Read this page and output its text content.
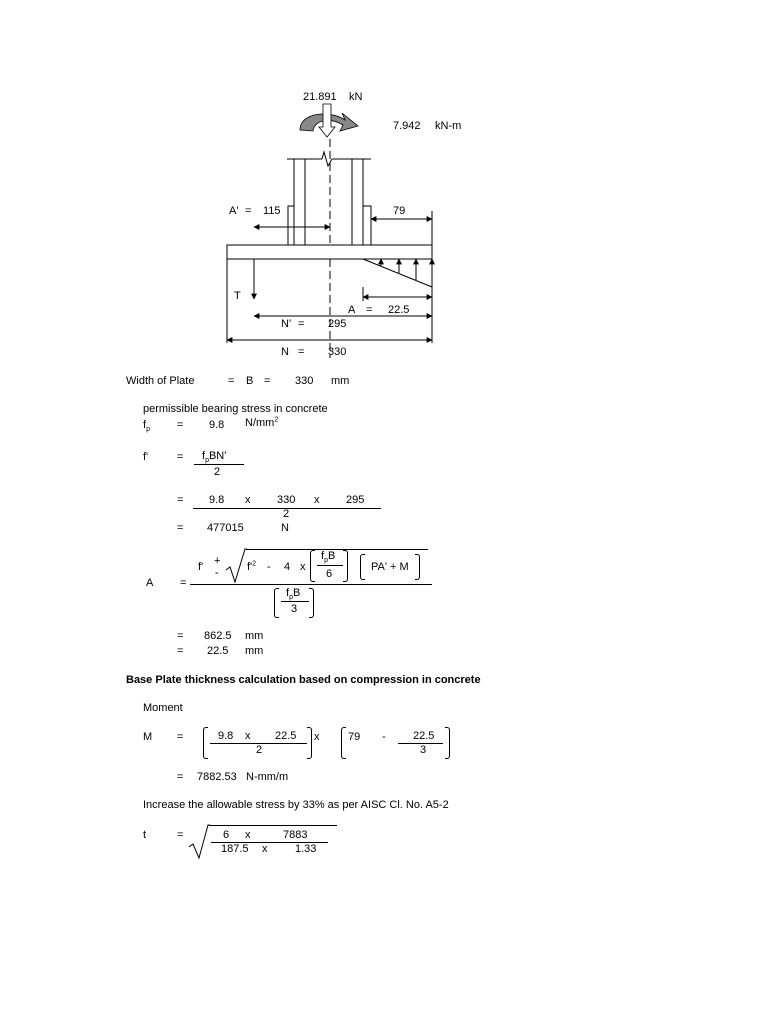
21.891 kN
7.942 kN-m
A' = 115	79
T
A = 22.5
N' = 295
N = 330
Width of Plate	= B = 330 mm
permissible bearing stress in concrete
$f_p = 9.8$ $N/mm^2$
f'	= $f_pBN'$
2
= 9.8 x 330 x 295
2
= 477015	N
A =
f' +
-	$f'^2 - 4$ x
$f_pB$
6
PA' + M
$f_pB$
3
= 862.5 mm
= 22.5 mm
Base Plate thickness calculation based on compression in concrete
Moment
M =	9.8 x 22.5
2
x	79 - 22.5
3
= 7882.53 N-mm/m
Increase the allowable stress by 33% as per AISC Cl. No. A5-2
t	=	6 x	7883
187.5 x	1.33
